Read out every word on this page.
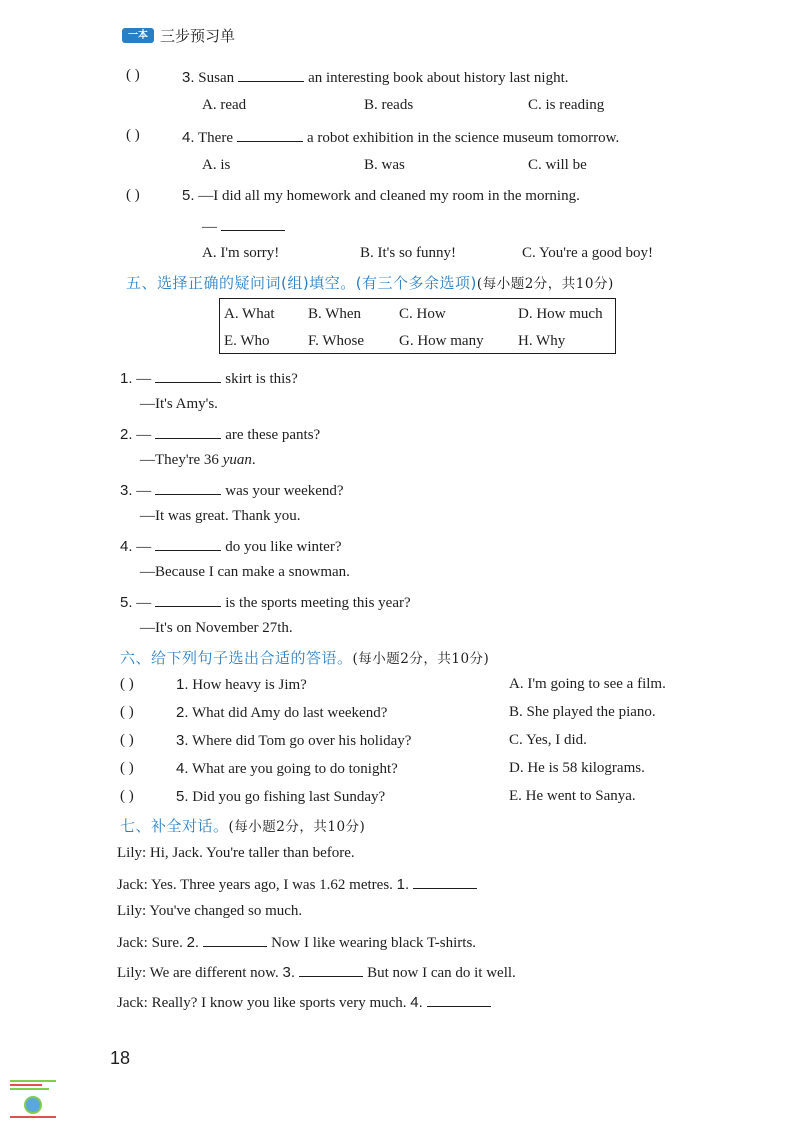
一本 三步预习单
( )	3. Susan	an interesting book about history last night.
A. read	B. reads	C. is reading
( )	4. There	a robot exhibition in the science museum tomorrow.
A. is	B. was	C. will be
( )	5. —I did all my homework and cleaned my room in the morning.
—
A. I'm sorry!	B. It's so funny!	C. You're a good boy!
五、选择正确的疑问词(组)填空。(有三个多余选项)(每小题2分，共10分)
A. What B. When	C. How	D. How much
E. Who	F. Whose G. How many H. Why
1. —	skirt is this?
—It's Amy's.
2. —	are these pants?
—They're 36 yuan.
3. —	was your weekend?
—It was great. Thank you.
4. —	do you like winter?
—Because I can make a snowman.
5. —	is the sports meeting this year?
—It's on November 27th.
六、给下列句子选出合适的答语。(每小题2分，共10分)
( )	1. How heavy is Jim?	A. I'm going to see a film.
( )	2. What did Amy do last weekend?	B. She played the piano.
( )	3. Where did Tom go over his holiday?	C. Yes, I did.
( )	4. What are you going to do tonight?	D. He is 58 kilograms.
( )	5. Did you go fishing last Sunday?	E. He went to Sanya.
七、补全对话。(每小题2分，共10分)
Lily: Hi, Jack. You're taller than before.
Jack: Yes. Three years ago, I was 1.62 metres. 1.
Lily: You've changed so much.
Jack: Sure. 2.	Now I like wearing black T-shirts.
Lily: We are different now. 3.	But now I can do it well.
Jack: Really? I know you like sports very much. 4.
18
